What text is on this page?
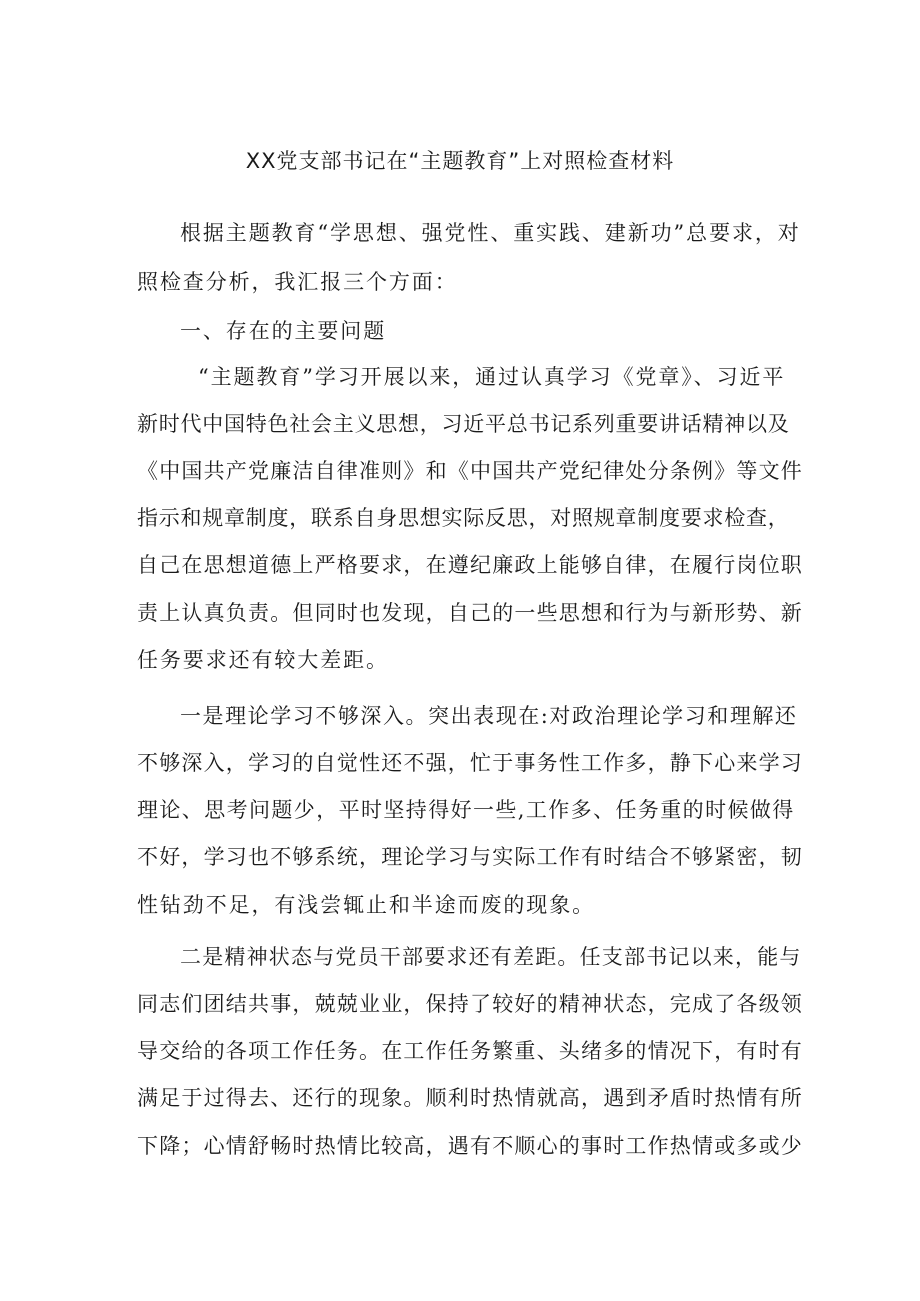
XX党支部书记在“主题教育”上对照检查材料

根据主题教育“学思想、强党性、重实践、建新功”总要求，对

照检查分析，我汇报三个方面：

一、存在的主要问题

“主题教育”学习开展以来，通过认真学习《党章》、习近平

新时代中国特色社会主义思想，习近平总书记系列重要讲话精神以及

《中国共产党廉洁自律准则》和《中国共产党纪律处分条例》等文件

指示和规章制度，联系自身思想实际反思，对照规章制度要求检查，

自己在思想道德上严格要求，在遵纪廉政上能够自律，在履行岗位职

责上认真负责。但同时也发现，自己的一些思想和行为与新形势、新

任务要求还有较大差距。

一是理论学习不够深入。突出表现在:对政治理论学习和理解还

不够深入，学习的自觉性还不强，忙于事务性工作多，静下心来学习

理论、思考问题少，平时坚持得好一些,工作多、任务重的时候做得

不好，学习也不够系统，理论学习与实际工作有时结合不够紧密，韧

性钻劲不足，有浅尝辄止和半途而废的现象。

二是精神状态与党员干部要求还有差距。任支部书记以来，能与

同志们团结共事，兢兢业业，保持了较好的精神状态，完成了各级领

导交给的各项工作任务。在工作任务繁重、头绪多的情况下，有时有

满足于过得去、还行的现象。顺利时热情就高，遇到矛盾时热情有所

下降；心情舒畅时热情比较高，遇有不顺心的事时工作热情或多或少
